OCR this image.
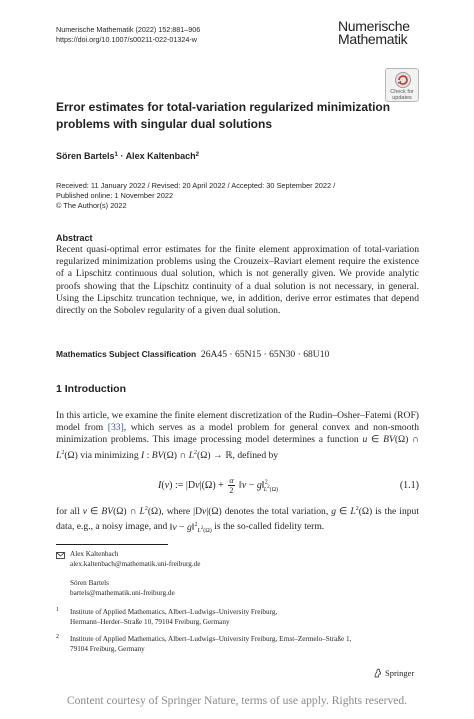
Numerische Mathematik (2022) 152:881–906
https://doi.org/10.1007/s00211-022-01324-w
Numerische
Mathematik
Check for
updates
Error estimates for total-variation regularized minimization problems with singular dual solutions
Sören Bartels$^1$ · Alex Kaltenbach$^2$
Received: 11 January 2022 / Revised: 20 April 2022 / Accepted: 30 September 2022 /
Published online: 1 November 2022
© The Author(s) 2022
Abstract
Recent quasi-optimal error estimates for the finite element approximation of total-variation regularized minimization problems using the Crouzeix–Raviart element require the existence of a Lipschitz continuous dual solution, which is not generally given. We provide analytic proofs showing that the Lipschitz continuity of a dual solution is not necessary, in general. Using the Lipschitz truncation technique, we, in addition, derive error estimates that depend directly on the Sobolev regularity of a given dual solution.
Mathematics Subject Classification 26A45 · 65N15 · 65N30 · 68U10
1 Introduction
In this article, we examine the finite element discretization of the Rudin–Osher–Fatemi (ROF) model from [33], which serves as a model problem for general convex and non-smooth minimization problems. This image processing model determines a function u ∈ BV(Ω) ∩ $L^2(\Omega)$ via minimizing I : BV(Ω) ∩ $L^2(\Omega)$ → ℝ, defined by
I(v) := $|Dv|(\Omega) + \frac{\alpha}{2}$ ‖v − g‖$^2_{L^2(\Omega)}$	(1.1)
for all v ∈ BV(Ω) ∩ $L^2(\Omega)$, where |Dv|(Ω) denotes the total variation, g ∈ $L^2(\Omega)$ is the input data, e.g., a noisy image, and ‖v − g‖$^2_{L^2(\Omega)}$ is the so-called fidelity term.
Alex Kaltenbach
alex.kaltenbach@mathematik.uni-freiburg.de
Sören Bartels
bartels@mathematik.uni-freiburg.de
1 Institute of Applied Mathematics, Albert–Ludwigs–University Freiburg,
Hermann–Herder–Straße 10, 79104 Freiburg, Germany
2 Institute of Applied Mathematics, Albert–Ludwigs–University Freiburg, Ernst–Zermelo–Straße 1,
79104 Freiburg, Germany
Springer
Content courtesy of Springer Nature, terms of use apply. Rights reserved.
